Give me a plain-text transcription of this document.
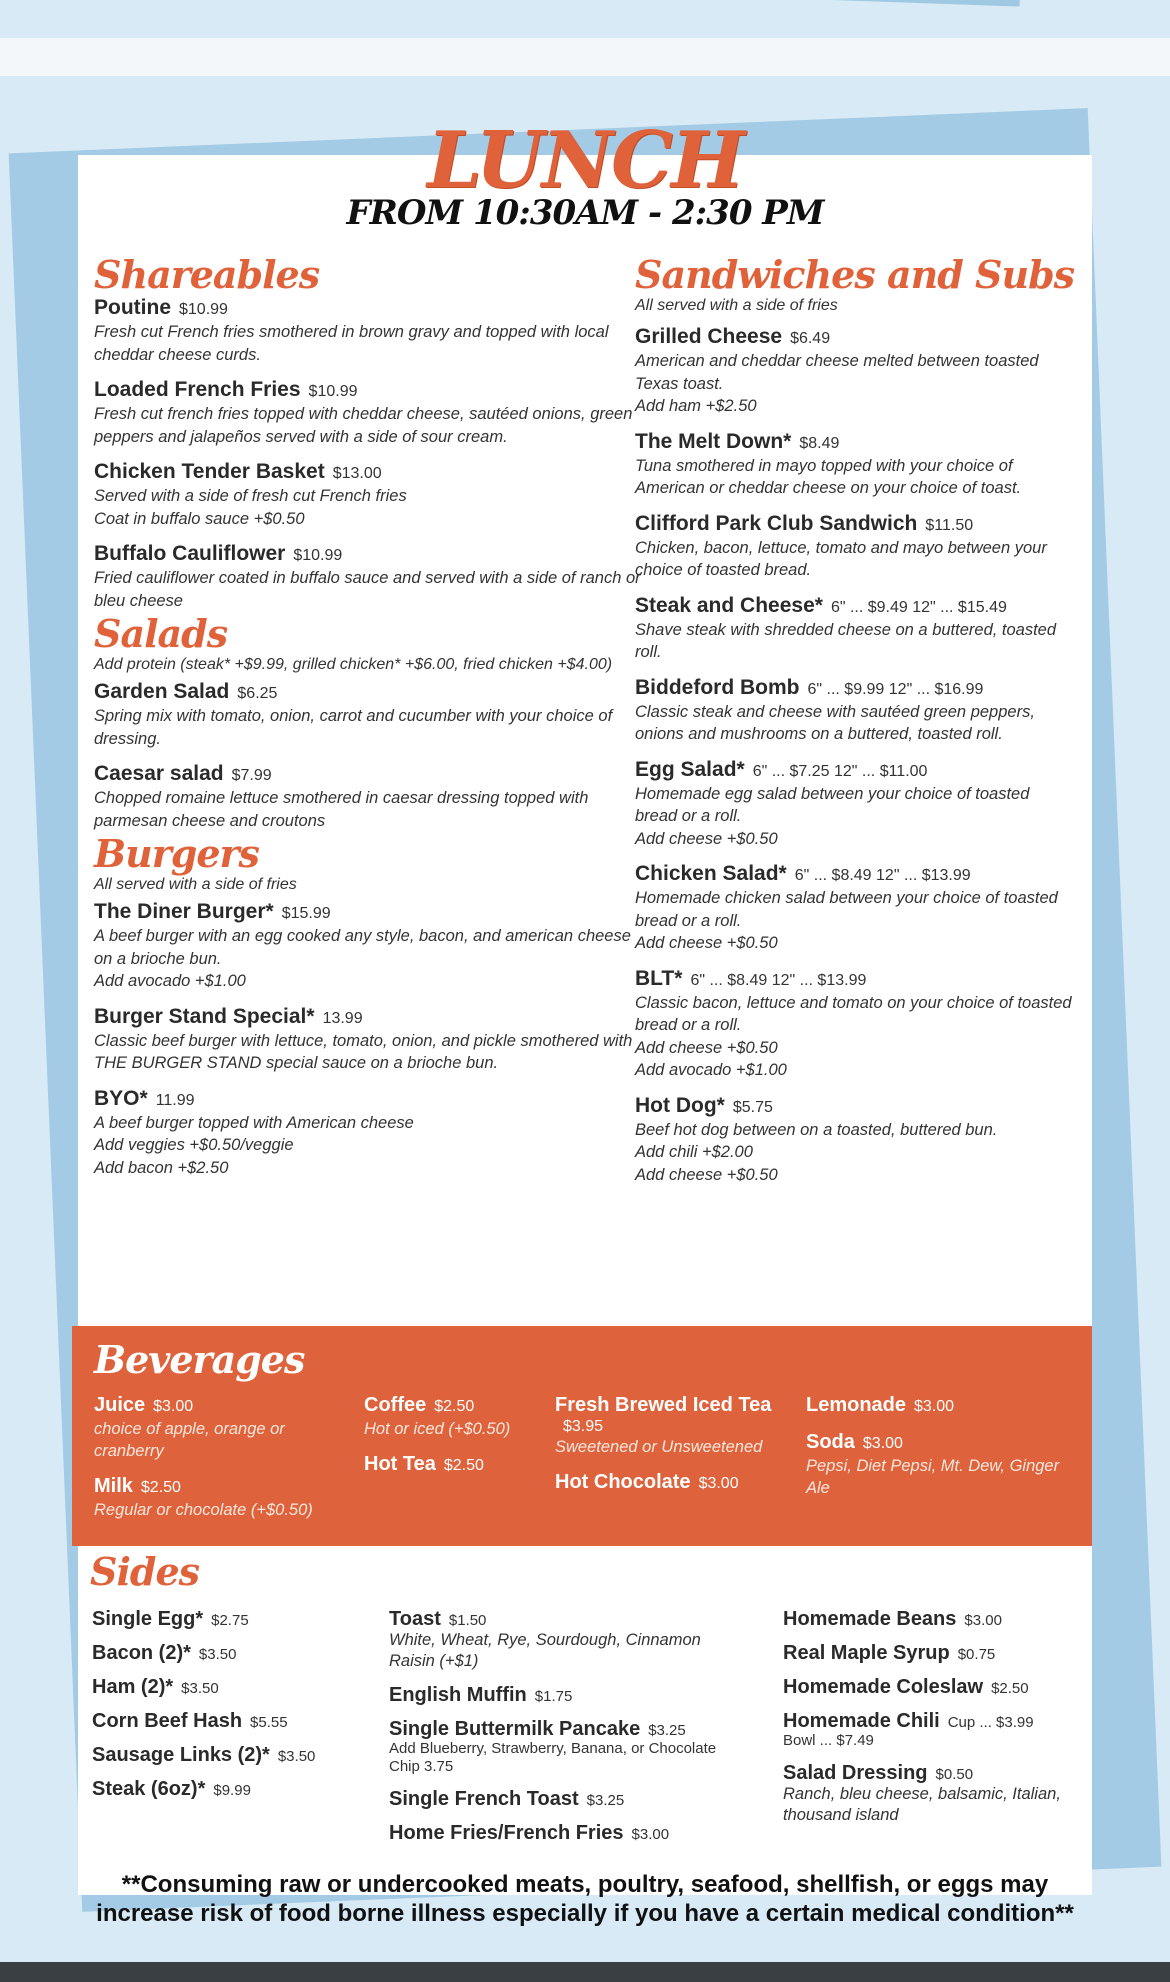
LUNCH
FROM 10:30AM - 2:30 PM
Shareables
Poutine $10.99
Fresh cut French fries smothered in brown gravy and topped with local cheddar cheese curds.
Loaded French Fries $10.99
Fresh cut french fries topped with cheddar cheese, sautéed onions, green peppers and jalapeños served with a side of sour cream.
Chicken Tender Basket $13.00
Served with a side of fresh cut French fries
Coat in buffalo sauce +$0.50
Buffalo Cauliflower $10.99
Fried cauliflower coated in buffalo sauce and served with a side of ranch or bleu cheese
Salads
Add protein (steak* +$9.99, grilled chicken* +$6.00, fried chicken +$4.00)
Garden Salad $6.25
Spring mix with tomato, onion, carrot and cucumber with your choice of dressing.
Caesar salad $7.99
Chopped romaine lettuce smothered in caesar dressing topped with parmesan cheese and croutons
Burgers
All served with a side of fries
The Diner Burger* $15.99
A beef burger with an egg cooked any style, bacon, and american cheese on a brioche bun.
Add avocado +$1.00
Burger Stand Special* 13.99
Classic beef burger with lettuce, tomato, onion, and pickle smothered with THE BURGER STAND special sauce on a brioche bun.
BYO* 11.99
A beef burger topped with American cheese
Add veggies +$0.50/veggie
Add bacon +$2.50
Sandwiches and Subs
All served with a side of fries
Grilled Cheese $6.49
American and cheddar cheese melted between toasted Texas toast.
Add ham +$2.50
The Melt Down* $8.49
Tuna smothered in mayo topped with your choice of American or cheddar cheese on your choice of toast.
Clifford Park Club Sandwich $11.50
Chicken, bacon, lettuce, tomato and mayo between your choice of toasted bread.
Steak and Cheese* 6" ... $9.49 12" ... $15.49
Shave steak with shredded cheese on a buttered, toasted roll.
Biddeford Bomb 6" ... $9.99 12" ... $16.99
Classic steak and cheese with sautéed green peppers, onions and mushrooms on a buttered, toasted roll.
Egg Salad* 6" ... $7.25 12" ... $11.00
Homemade egg salad between your choice of toasted bread or a roll.
Add cheese +$0.50
Chicken Salad* 6" ... $8.49 12" ... $13.99
Homemade chicken salad between your choice of toasted bread or a roll.
Add cheese +$0.50
BLT* 6" ... $8.49 12" ... $13.99
Classic bacon, lettuce and tomato on your choice of toasted bread or a roll.
Add cheese +$0.50
Add avocado +$1.00
Hot Dog* $5.75
Beef hot dog between on a toasted, buttered bun.
Add chili +$2.00
Add cheese +$0.50
Beverages
Juice $3.00
choice of apple, orange or cranberry
Milk $2.50
Regular or chocolate (+$0.50)
Coffee $2.50
Hot or iced (+$0.50)
Hot Tea $2.50
Fresh Brewed Iced Tea
$3.95
Sweetened or Unsweetened
Hot Chocolate $3.00
Lemonade $3.00
Soda $3.00
Pepsi, Diet Pepsi, Mt. Dew, Ginger Ale
Sides
Single Egg* $2.75
Bacon (2)* $3.50
Ham (2)* $3.50
Corn Beef Hash $5.55
Sausage Links (2)* $3.50
Steak (6oz)* $9.99
Toast $1.50
White, Wheat, Rye, Sourdough, Cinnamon Raisin (+$1)
English Muffin $1.75
Single Buttermilk Pancake $3.25
Add Blueberry, Strawberry, Banana, or Chocolate Chip 3.75
Single French Toast $3.25
Home Fries/French Fries $3.00
Homemade Beans $3.00
Real Maple Syrup $0.75
Homemade Coleslaw $2.50
Homemade Chili Cup ... $3.99
Bowl ... $7.49
Salad Dressing $0.50
Ranch, bleu cheese, balsamic, Italian, thousand island
**Consuming raw or undercooked meats, poultry, seafood, shellfish, or eggs may
increase risk of food borne illness especially if you have a certain medical condition**
